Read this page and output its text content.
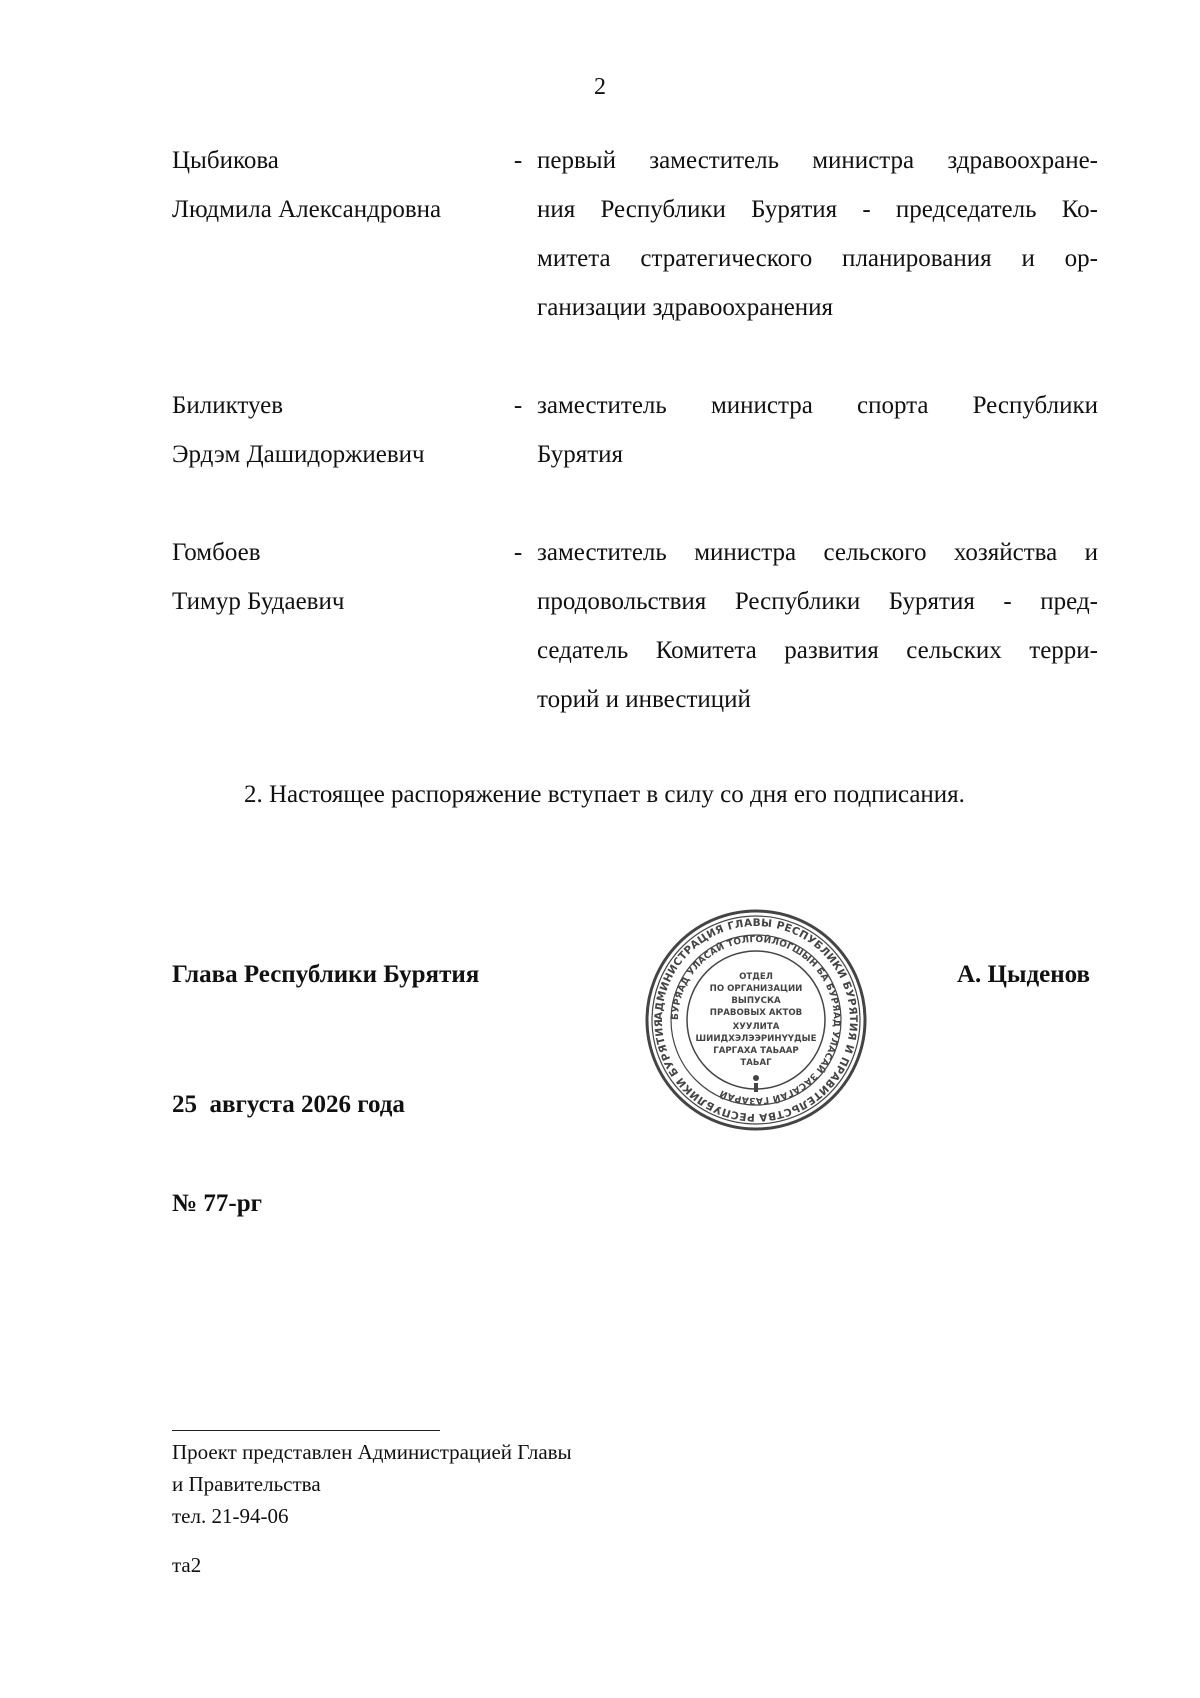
2
Цыбикова
Людмила Александровна
- первый заместитель министра здравоохране-
ния Республики Бурятия - председатель Ко-
митета стратегического планирования и ор-
ганизации здравоохранения
Биликтуев
Эрдэм Дашидоржиевич
- заместитель министра спорта Республики
Бурятия
Гомбоев
Тимур Будаевич
- заместитель министра сельского хозяйства и
продовольствия Республики Бурятия - пред-
седатель Комитета развития сельских терри-
торий и инвестиций
2. Настоящее распоряжение вступает в силу со дня его подписания.
Глава Республики Бурятия	А. Цыденов
АДМИНИСТРАЦИЯ ГЛАВЫ РЕСПУБЛИКИ БУРЯТИЯ И ПРАВИТЕЛЬСТВА РЕСПУБЛИКИ БУРЯТИЯ
БУРЯАД УЛАСАЙ ТОЛГОЙЛОГШЫН БА БУРЯАД УЛАСАЙ ЗАСАГАЙ ГАЗАРАЙ
ОТДЕЛ
ПО ОРГАНИЗАЦИИ
ВЫПУСКА
ПРАВОВЫХ АКТОВ
ХУУЛИТА
ШИИДХЭЛЭЭРИНҮҮДЫЕ
ГАРГАХА ТАЬААР
ТАЬАГ
25  августа 2026 года
№ 77-рг
Проект представлен Администрацией Главы
и Правительства
тел. 21-94-06
та2
